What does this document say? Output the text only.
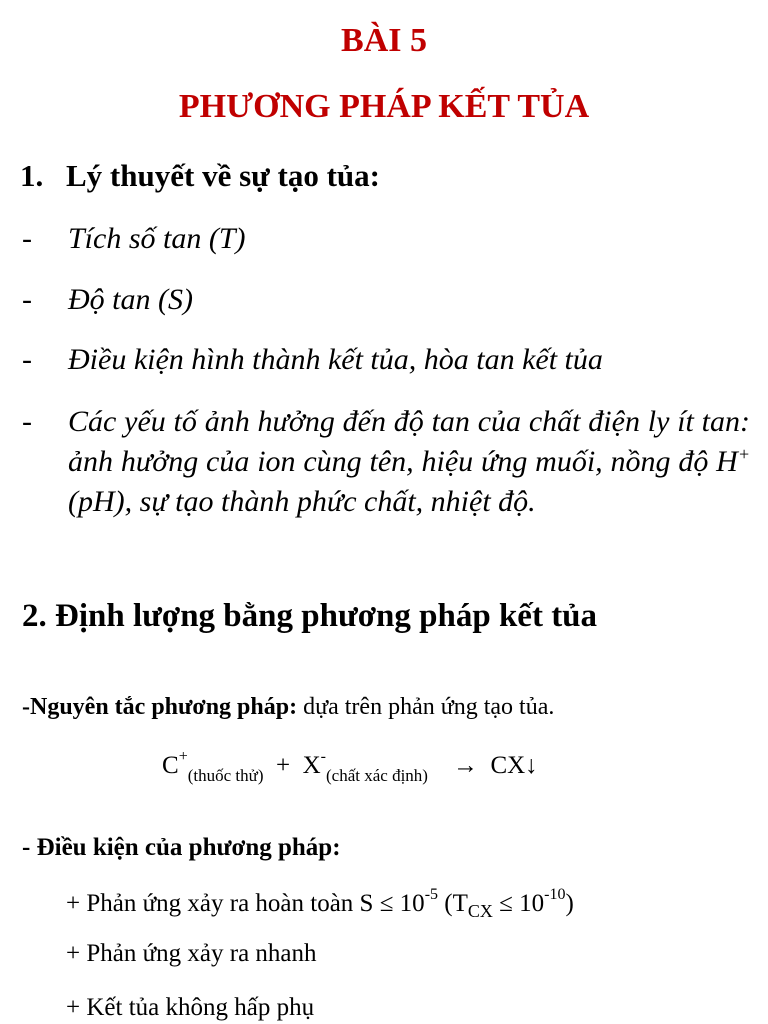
BÀI 5
PHƯƠNG PHÁP KẾT TỦA
1. Lý thuyết về sự tạo tủa:
- Tích số tan (T)
- Độ tan (S)
- Điều kiện hình thành kết tủa, hòa tan kết tủa
- Các yếu tố ảnh hưởng đến độ tan của chất điện ly ít tan: ảnh hưởng của ion cùng tên, hiệu ứng muối, nồng độ H+ (pH), sự tạo thành phức chất, nhiệt độ.
2. Định lượng bằng phương pháp kết tủa
-Nguyên tắc phương pháp: dựa trên phản ứng tạo tủa.
$C^+_{(thuốc thử)} + X^-_{(chất xác định)}$ → CX↓
- Điều kiện của phương pháp:
+ Phản ứng xảy ra hoàn toàn $S \le 10^{-5}$ $(T_{CX} \le 10^{-10})$
+ Phản ứng xảy ra nhanh
+ Kết tủa không hấp phụ
